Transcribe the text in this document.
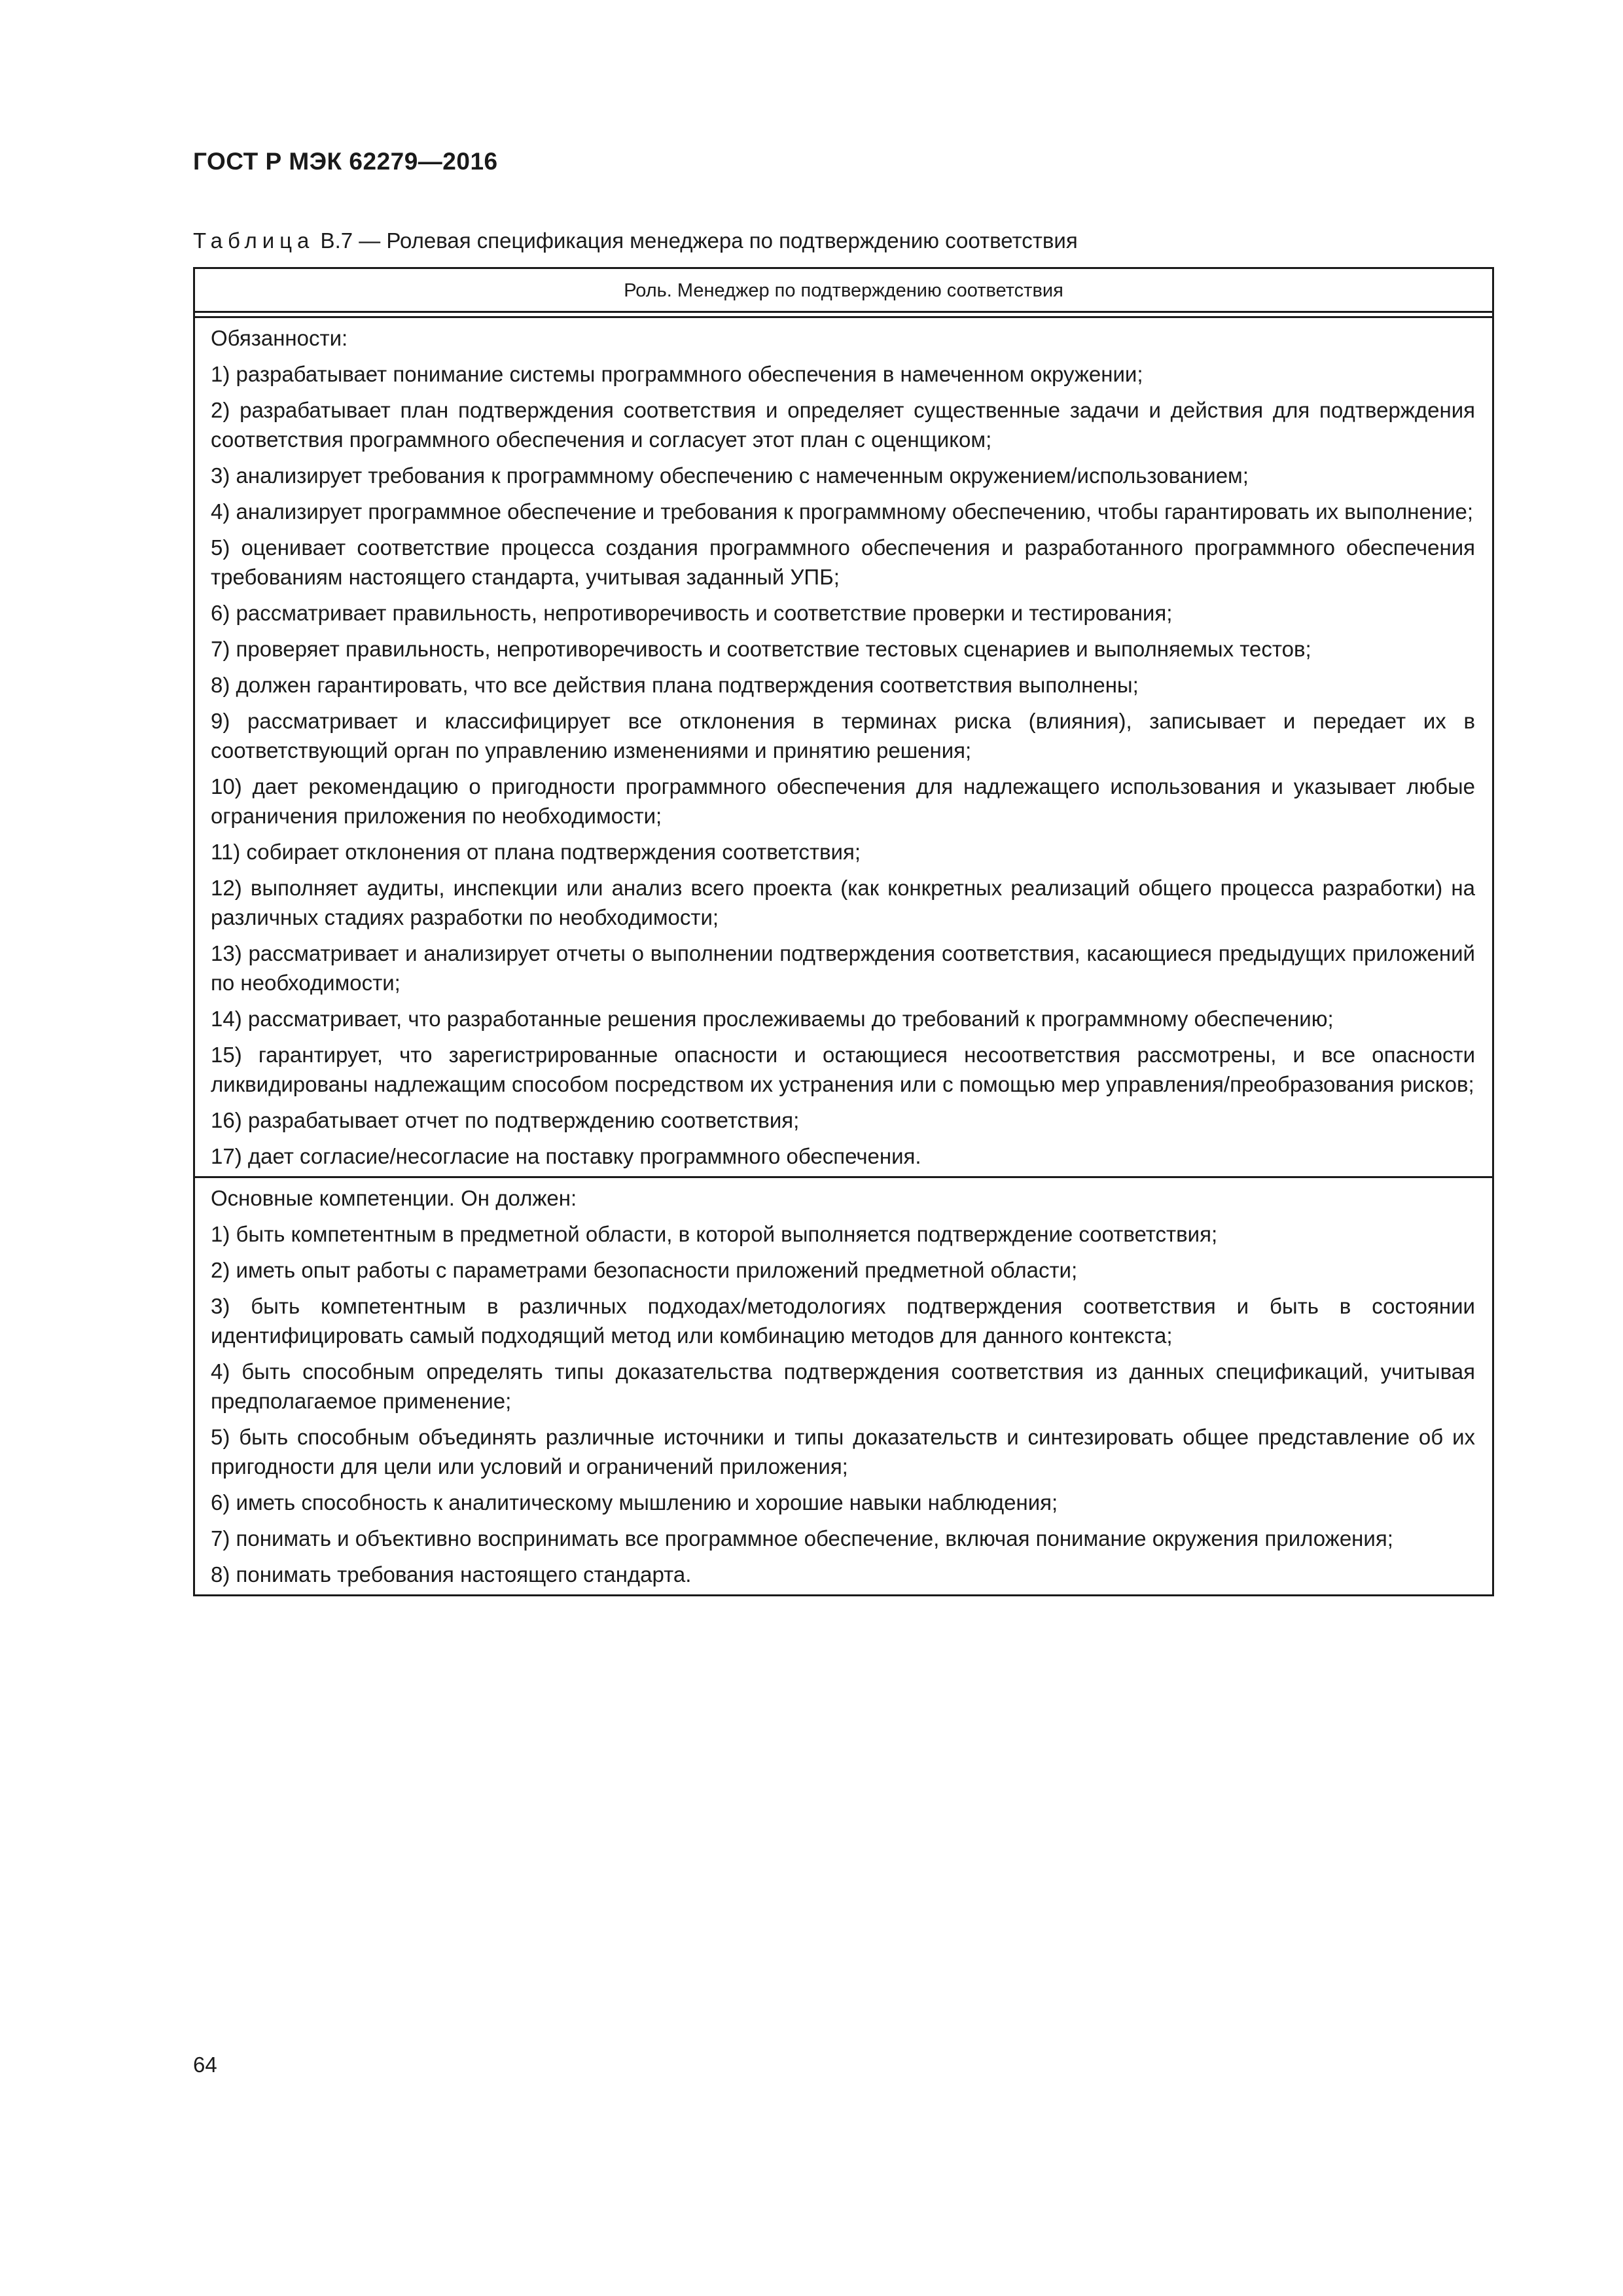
ГОСТ Р МЭК 62279—2016
Таблица В.7 — Ролевая спецификация менеджера по подтверждению соответствия
Роль. Менеджер по подтверждению соответствия
Обязанности:
1) разрабатывает понимание системы программного обеспечения в намеченном окружении;
2) разрабатывает план подтверждения соответствия и определяет существенные задачи и действия для подтверждения соответствия программного обеспечения и согласует этот план с оценщиком;
3) анализирует требования к программному обеспечению с намеченным окружением/использованием;
4) анализирует программное обеспечение и требования к программному обеспечению, чтобы гарантировать их выполнение;
5) оценивает соответствие процесса создания программного обеспечения и разработанного программного обеспечения требованиям настоящего стандарта, учитывая заданный УПБ;
6) рассматривает правильность, непротиворечивость и соответствие проверки и тестирования;
7) проверяет правильность, непротиворечивость и соответствие тестовых сценариев и выполняемых тестов;
8) должен гарантировать, что все действия плана подтверждения соответствия выполнены;
9) рассматривает и классифицирует все отклонения в терминах риска (влияния), записывает и передает их в соответствующий орган по управлению изменениями и принятию решения;
10) дает рекомендацию о пригодности программного обеспечения для надлежащего использования и указывает любые ограничения приложения по необходимости;
11) собирает отклонения от плана подтверждения соответствия;
12) выполняет аудиты, инспекции или анализ всего проекта (как конкретных реализаций общего процесса разработки) на различных стадиях разработки по необходимости;
13) рассматривает и анализирует отчеты о выполнении подтверждения соответствия, касающиеся предыдущих приложений по необходимости;
14) рассматривает, что разработанные решения прослеживаемы до требований к программному обеспечению;
15) гарантирует, что зарегистрированные опасности и остающиеся несоответствия рассмотрены, и все опасности ликвидированы надлежащим способом посредством их устранения или с помощью мер управления/преобразования рисков;
16) разрабатывает отчет по подтверждению соответствия;
17) дает согласие/несогласие на поставку программного обеспечения.
Основные компетенции. Он должен:
1) быть компетентным в предметной области, в которой выполняется подтверждение соответствия;
2) иметь опыт работы с параметрами безопасности приложений предметной области;
3) быть компетентным в различных подходах/методологиях подтверждения соответствия и быть в состоянии идентифицировать самый подходящий метод или комбинацию методов для данного контекста;
4) быть способным определять типы доказательства подтверждения соответствия из данных спецификаций, учитывая предполагаемое применение;
5) быть способным объединять различные источники и типы доказательств и синтезировать общее представление об их пригодности для цели или условий и ограничений приложения;
6) иметь способность к аналитическому мышлению и хорошие навыки наблюдения;
7) понимать и объективно воспринимать все программное обеспечение, включая понимание окружения приложения;
8) понимать требования настоящего стандарта.
64
